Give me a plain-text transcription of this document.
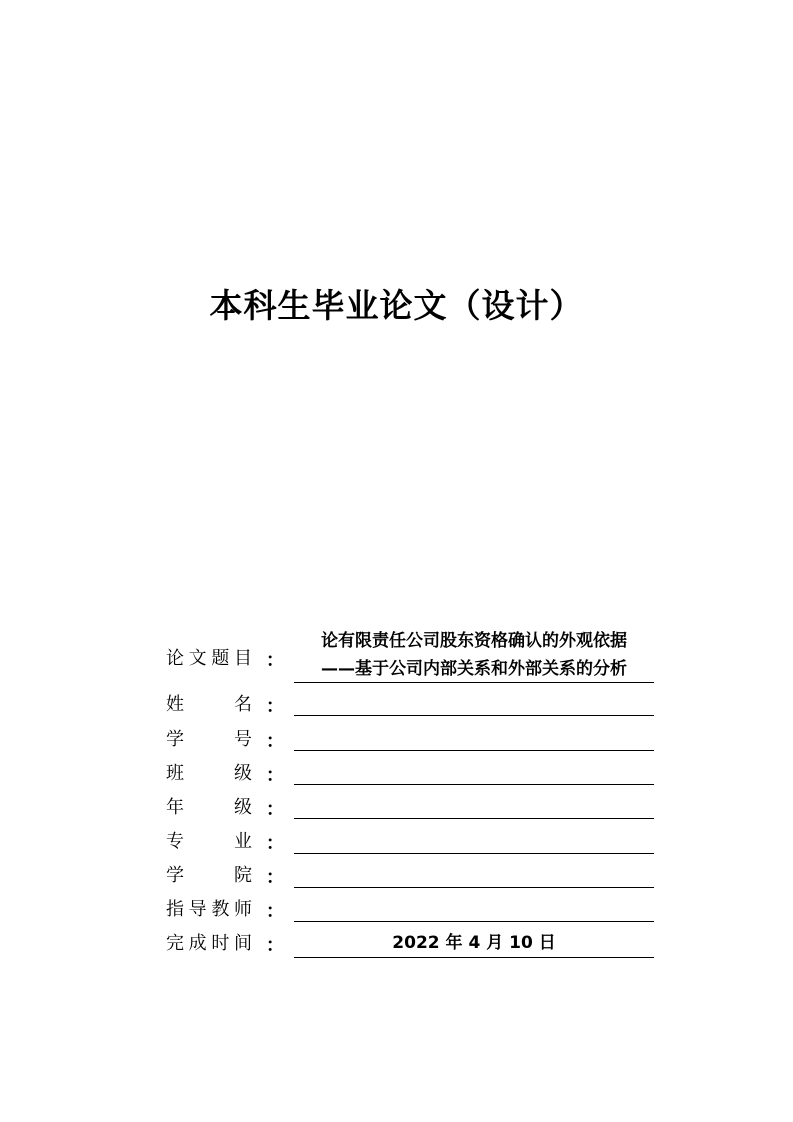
本科生毕业论文（设计）
论 文 题 目 ：
论有限责任公司股东资格确认的外观依据
——基于公司内部关系和外部关系的分析
姓	名 ：
学	号 ：
班	级 ：
年	级 ：
专	业 ：
学	院 ：
指 导 教 师 ：
完 成 时 间 ：	2022 年 4 月 10 日
